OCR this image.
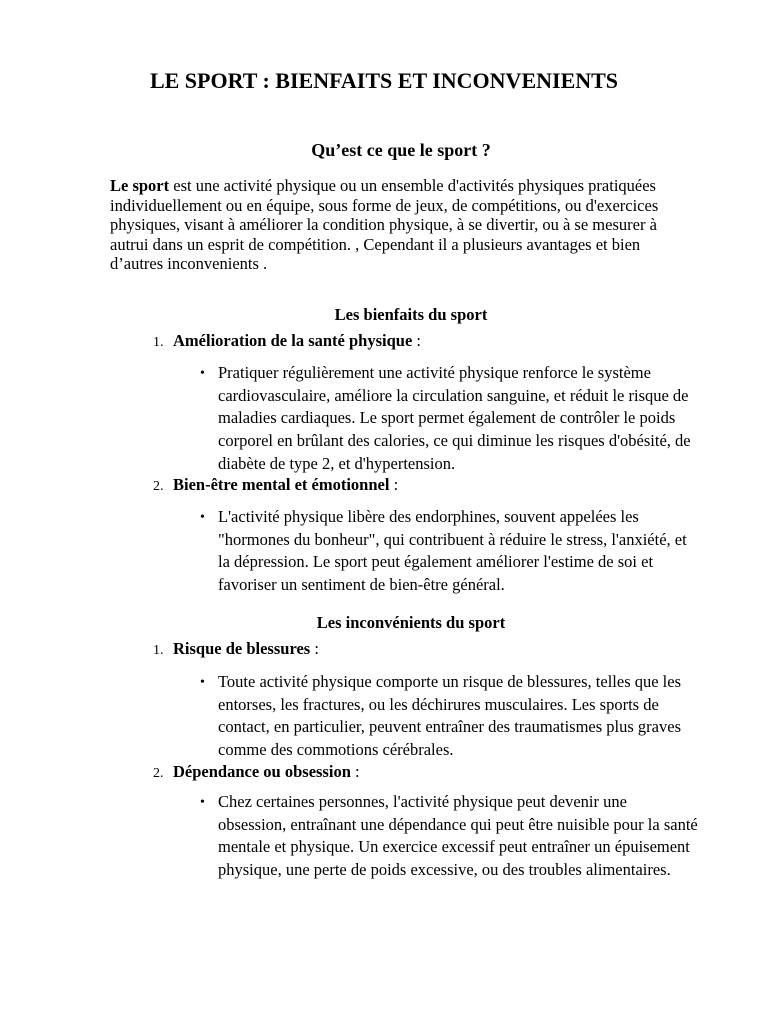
LE SPORT : BIENFAITS ET INCONVENIENTS
Qu’est ce que le sport ?

Le sport est une activité physique ou un ensemble d'activités physiques pratiquées individuellement ou en équipe, sous forme de jeux, de compétitions, ou d'exercices physiques, visant à améliorer la condition physique, à se divertir, ou à se mesurer à autrui dans un esprit de compétition. , Cependant il a plusieurs avantages et bien d’autres inconvenients .

Les bienfaits du sport
1. Amélioration de la santé physique :
• Pratiquer régulièrement une activité physique renforce le système cardiovasculaire, améliore la circulation sanguine, et réduit le risque de maladies cardiaques. Le sport permet également de contrôler le poids corporel en brûlant des calories, ce qui diminue les risques d'obésité, de diabète de type 2, et d'hypertension.

2. Bien-être mental et émotionnel :
• L'activité physique libère des endorphines, souvent appelées les "hormones du bonheur", qui contribuent à réduire le stress, l'anxiété, et la dépression. Le sport peut également améliorer l'estime de soi et favoriser un sentiment de bien-être général.

Les inconvénients du sport
1. Risque de blessures :
• Toute activité physique comporte un risque de blessures, telles que les entorses, les fractures, ou les déchirures musculaires. Les sports de contact, en particulier, peuvent entraîner des traumatismes plus graves comme des commotions cérébrales.

2. Dépendance ou obsession :
• Chez certaines personnes, l'activité physique peut devenir une obsession, entraînant une dépendance qui peut être nuisible pour la santé mentale et physique. Un exercice excessif peut entraîner un épuisement physique, une perte de poids excessive, ou des troubles alimentaires.
